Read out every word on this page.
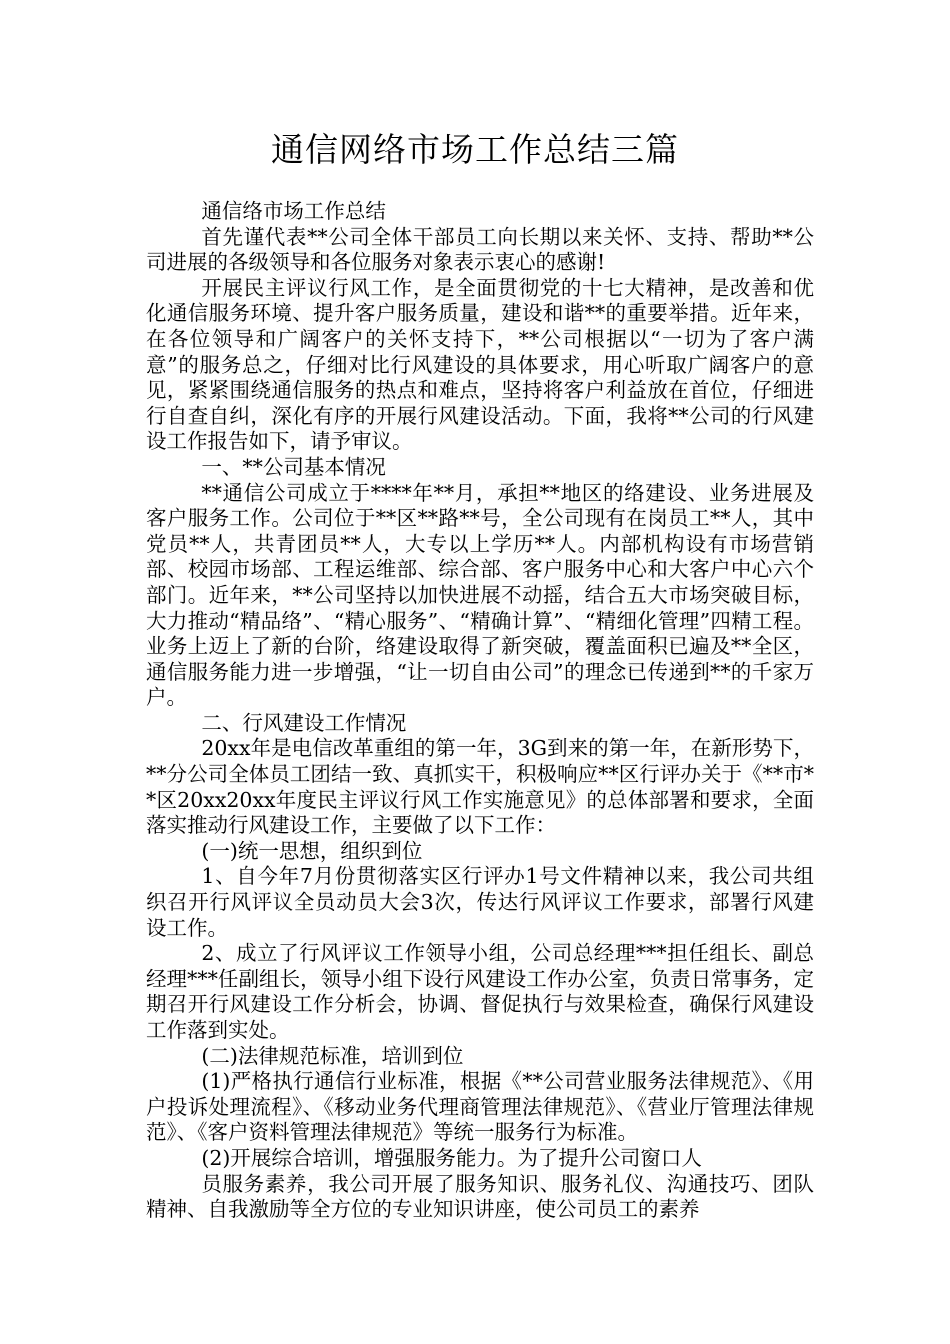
通信网络市场工作总结三篇

通信络市场工作总结

首先谨代表**公司全体干部员工向长期以来关怀、支持、帮助**公司进展的各级领导和各位服务对象表示衷心的感谢!

开展民主评议行风工作，是全面贯彻党的十七大精神，是改善和优化通信服务环境、提升客户服务质量，建设和谐**的重要举措。近年来，在各位领导和广阔客户的关怀支持下，**公司根据以“一切为了客户满意”的服务总之，仔细对比行风建设的具体要求，用心听取广阔客户的意见，紧紧围绕通信服务的热点和难点，坚持将客户利益放在首位，仔细进行自查自纠，深化有序的开展行风建设活动。下面，我将**公司的行风建设工作报告如下，请予审议。

一、**公司基本情况

**通信公司成立于****年**月，承担**地区的络建设、业务进展及客户服务工作。公司位于**区**路**号，全公司现有在岗员工**人，其中党员**人，共青团员**人，大专以上学历**人。内部机构设有市场营销部、校园市场部、工程运维部、综合部、客户服务中心和大客户中心六个部门。近年来，**公司坚持以加快进展不动摇，结合五大市场突破目标，大力推动“精品络”、“精心服务”、“精确计算”、“精细化管理”四精工程。业务上迈上了新的台阶，络建设取得了新突破，覆盖面积已遍及**全区，通信服务能力进一步增强，“让一切自由公司”的理念已传递到**的千家万户。

二、行风建设工作情况

20xx年是电信改革重组的第一年，3G到来的第一年，在新形势下，**分公司全体员工团结一致、真抓实干，积极响应**区行评办关于《**市**区20xx20xx年度民主评议行风工作实施意见》的总体部署和要求，全面落实推动行风建设工作，主要做了以下工作：

(一)统一思想，组织到位

1、自今年7月份贯彻落实区行评办1号文件精神以来，我公司共组织召开行风评议全员动员大会3次，传达行风评议工作要求，部署行风建设工作。

2、成立了行风评议工作领导小组，公司总经理***担任组长、副总经理***任副组长，领导小组下设行风建设工作办公室，负责日常事务，定期召开行风建设工作分析会，协调、督促执行与效果检查，确保行风建设工作落到实处。

(二)法律规范标准，培训到位

(1)严格执行通信行业标准，根据《**公司营业服务法律规范》、《用户投诉处理流程》、《移动业务代理商管理法律规范》、《营业厅管理法律规范》、《客户资料管理法律规范》等统一服务行为标准。

(2)开展综合培训，增强服务能力。为了提升公司窗口人

员服务素养，我公司开展了服务知识、服务礼仪、沟通技巧、团队精神、自我激励等全方位的专业知识讲座，使公司员工的素养
